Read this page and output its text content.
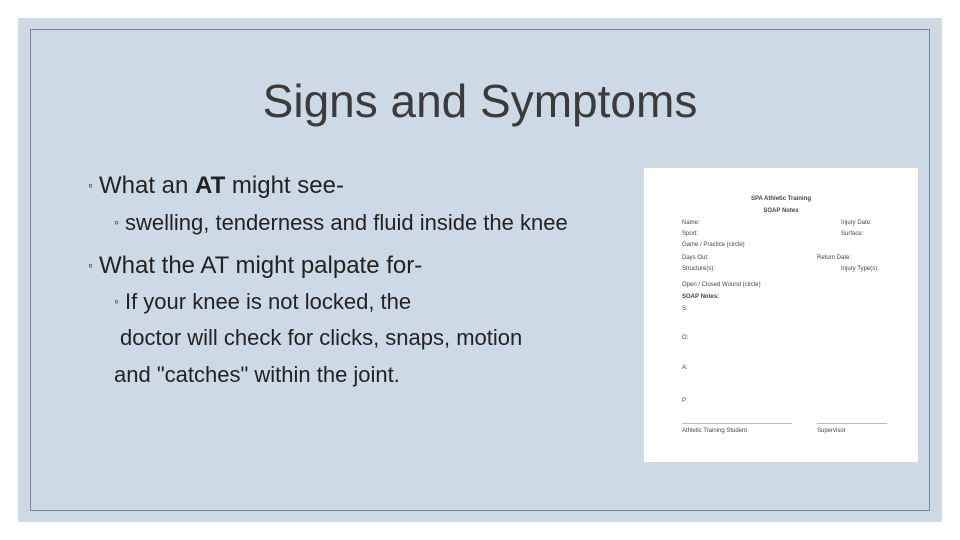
Signs and Symptoms
◦ What an AT might see-
◦ swelling, tenderness and fluid inside the knee
◦ What the AT might palpate for-
◦ If your knee is not locked, the
doctor will check for clicks, snaps, motion
and "catches" within the joint.
SPA Athletic Training
SOAP Notes
Name:	Injury Date:
Sport:	Surface:
Game / Practice (circle)
Days Out:	Return Date:
Structure(s):	Injury Type(s):
Open / Closed Wound (circle)
SOAP Notes:
S:
O:
A:
P:
Athletic Training Student	Supervisor
